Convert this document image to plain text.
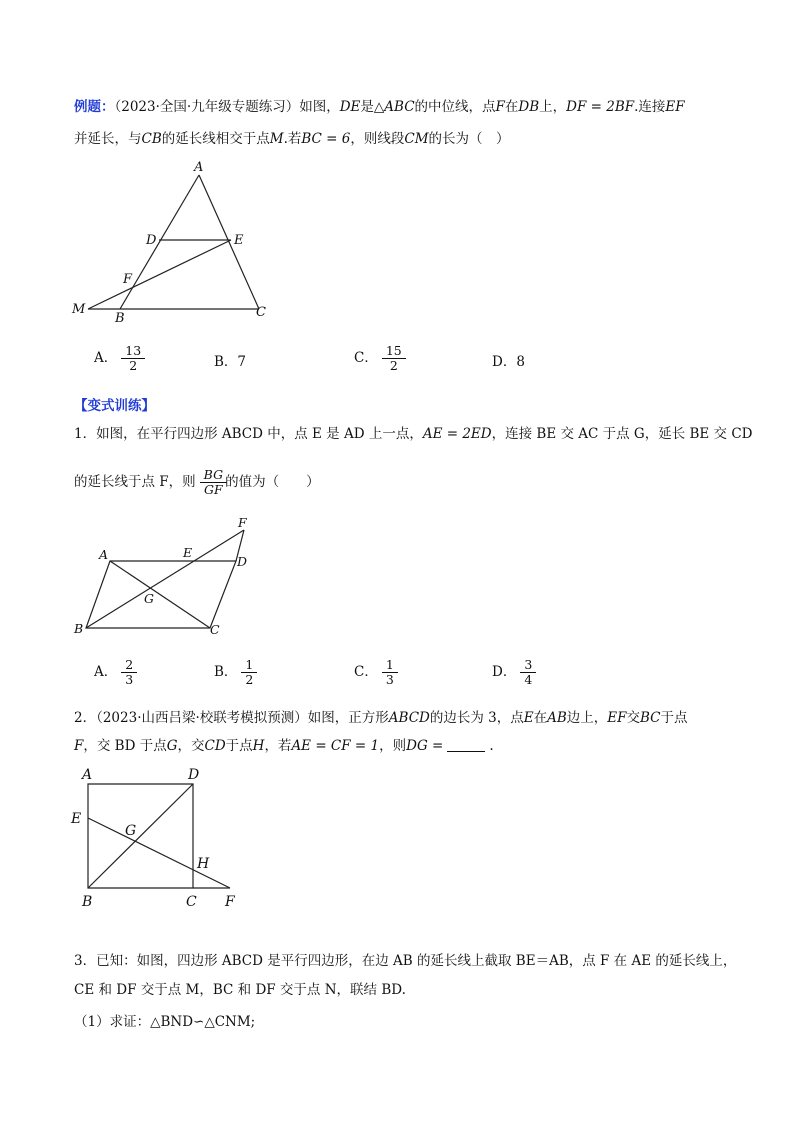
例题：（2023·全国·九年级专题练习）如图，DE是△ABC的中位线，点F在DB上，DF = 2BF.连接EF
并延长，与CB的延长线相交于点M.若BC = 6，则线段CM的长为（　）
A
D	E
F
M
B	C
A． $\frac{13}{2}$	B．7	C． $\frac{15}{2}$	D．8
【变式训练】
1．如图，在平行四边形 ABCD 中，点 E 是 AD 上一点，AE = 2ED，连接 BE 交 AC 于点 G，延长 BE 交 CD
的延长线于点 F，则 $\frac{BG}{GF}$ 的值为（　　）
A	E
D
F
G
B	C
A． $\frac{2}{3}$	B． $\frac{1}{2}$	C． $\frac{1}{3}$	D． $\frac{3}{4}$
2．（2023·山西吕梁·校联考模拟预测）如图，正方形ABCD的边长为 3，点E在AB边上，EF交BC于点
F，交 BD 于点G，交CD于点H，若AE = CF = 1，则DG =	.
A	D
E
G
H
B	C F
3．已知：如图，四边形 ABCD 是平行四边形，在边 AB 的延长线上截取 BE＝AB，点 F 在 AE 的延长线上，
CE 和 DF 交于点 M，BC 和 DF 交于点 N，联结 BD.
（1）求证：△BND∽△CNM;
